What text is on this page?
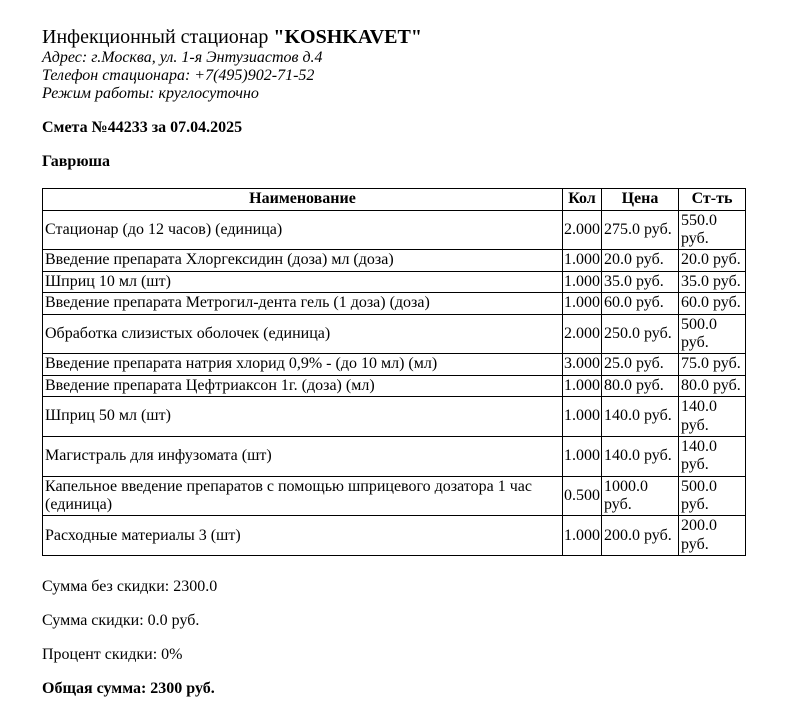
Инфекционный стационар "KOSHKAVET"
Адрес: г.Москва, ул. 1-я Энтузиастов д.4
Телефон стационара: +7(495)902-71-52
Режим работы: круглосуточно

Смета №44233 за 07.04.2025

Гаврюша

Наименование	Кол	Цена	Ст-ть
Стационар (до 12 часов) (единица)	2.000	275.0 руб.	550.0 руб.
Введение препарата Хлоргексидин (доза) мл (доза)	1.000	20.0 руб.	20.0 руб.
Шприц 10 мл (шт)	1.000	35.0 руб.	35.0 руб.
Введение препарата Метрогил-дента гель (1 доза) (доза)	1.000	60.0 руб.	60.0 руб.
Обработка слизистых оболочек (единица)	2.000	250.0 руб.	500.0 руб.
Введение препарата натрия хлорид 0,9% - (до 10 мл) (мл)	3.000	25.0 руб.	75.0 руб.
Введение препарата Цефтриаксон 1г. (доза) (мл)	1.000	80.0 руб.	80.0 руб.
Шприц 50 мл (шт)	1.000	140.0 руб.	140.0 руб.
Магистраль для инфузомата (шт)	1.000	140.0 руб.	140.0 руб.
Капельное введение препаратов с помощью шприцевого дозатора 1 час (единица)	0.500	1000.0 руб.	500.0 руб.
Расходные материалы 3 (шт)	1.000	200.0 руб.	200.0 руб.

Сумма без скидки: 2300.0

Сумма скидки: 0.0 руб.

Процент скидки: 0%

Общая сумма: 2300 руб.
